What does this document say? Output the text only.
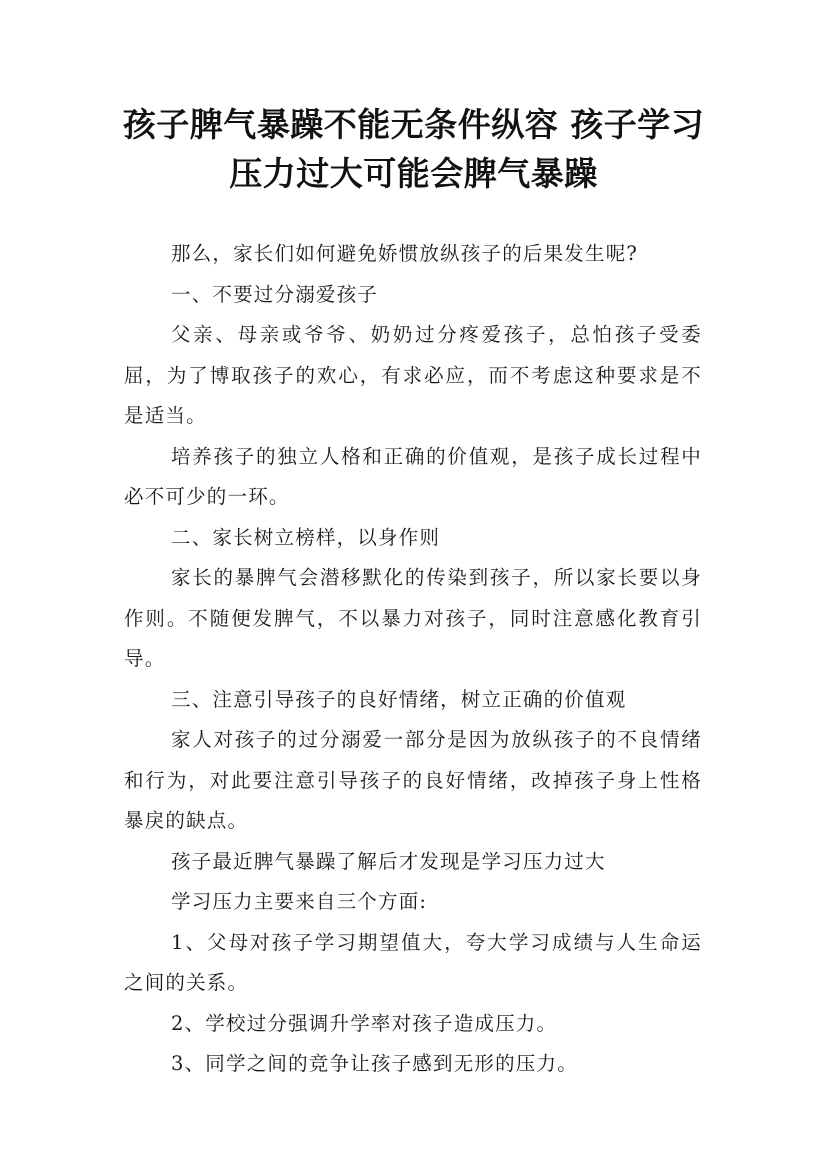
孩子脾气暴躁不能无条件纵容 孩子学习压力过大可能会脾气暴躁

那么，家长们如何避免娇惯放纵孩子的后果发生呢?

一、不要过分溺爱孩子

父亲、母亲或爷爷、奶奶过分疼爱孩子，总怕孩子受委屈，为了博取孩子的欢心，有求必应，而不考虑这种要求是不是适当。

培养孩子的独立人格和正确的价值观，是孩子成长过程中必不可少的一环。

二、家长树立榜样，以身作则

家长的暴脾气会潜移默化的传染到孩子，所以家长要以身作则。不随便发脾气，不以暴力对孩子，同时注意感化教育引导。

三、注意引导孩子的良好情绪，树立正确的价值观

家人对孩子的过分溺爱一部分是因为放纵孩子的不良情绪和行为，对此要注意引导孩子的良好情绪，改掉孩子身上性格暴戾的缺点。

孩子最近脾气暴躁了解后才发现是学习压力过大

学习压力主要来自三个方面:

1、父母对孩子学习期望值大，夸大学习成绩与人生命运之间的关系。

2、学校过分强调升学率对孩子造成压力。

3、同学之间的竞争让孩子感到无形的压力。
